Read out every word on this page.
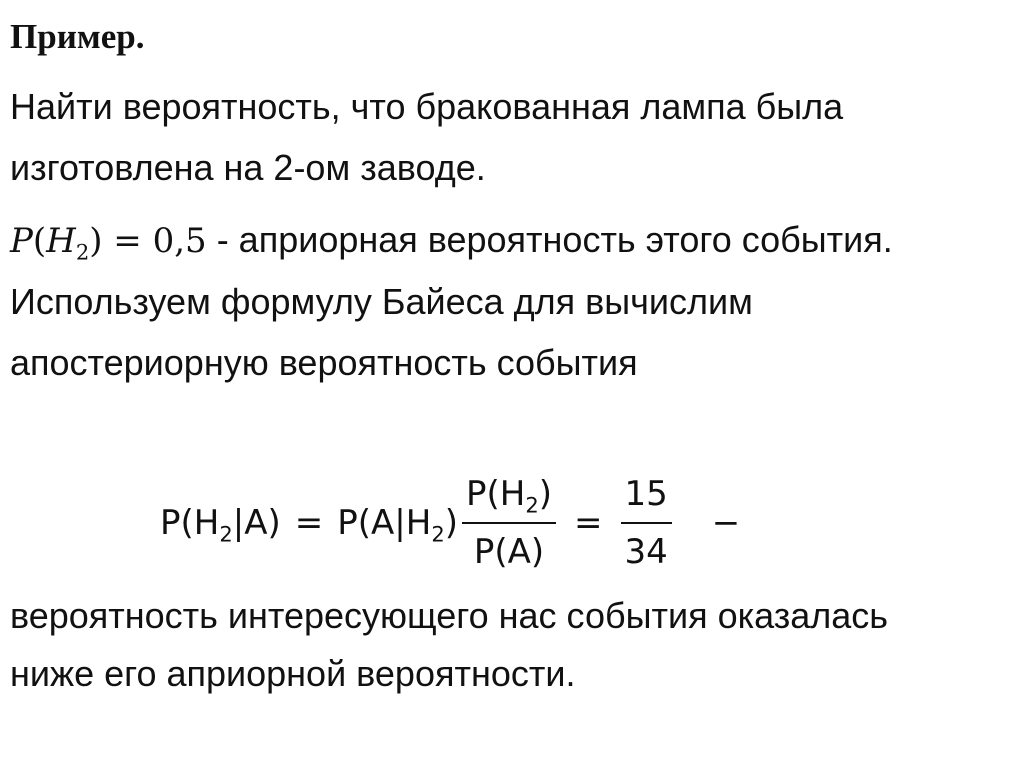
Пример.

Найти вероятность, что бракованная лампа была

изготовлена на 2-ом заводе.

$P(H_2) = 0,5$ - априорная вероятность этого события.

Используем формулу Байеса для вычислим

апостериорную вероятность события

$P(H_2|A) = P(A|H_2) \frac{P(H_2)}{P(A)} = \frac{15}{34}$ −

вероятность интересующего нас события оказалась

ниже его априорной вероятности.
